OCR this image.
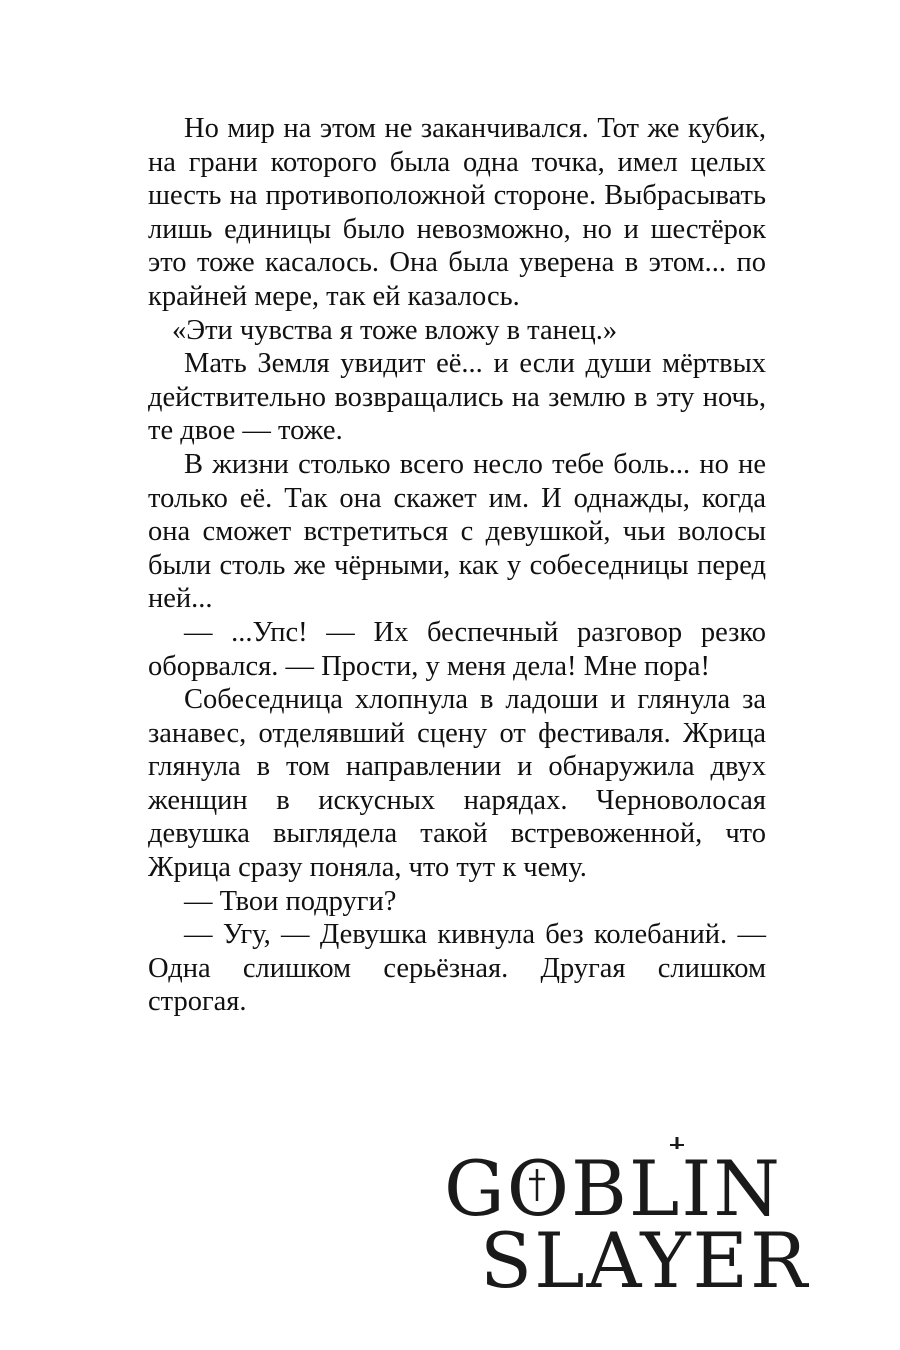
Но мир на этом не заканчивался. Тот же кубик, на грани которого была одна точка, имел целых шесть на противоположной стороне. Выбрасывать лишь единицы было невозможно, но и шестёрок это тоже касалось. Она была уверена в этом... по крайней мере, так ей казалось.

«Эти чувства я тоже вложу в танец.»

Мать Земля увидит её... и если души мёртвых действительно возвращались на землю в эту ночь, те двое — тоже.

В жизни столько всего несло тебе боль... но не только её. Так она скажет им. И однажды, когда она сможет встретиться с девушкой, чьи волосы были столь же чёрными, как у собеседницы перед ней...

— ...Упс! — Их беспечный разговор резко оборвался. — Прости, у меня дела! Мне пора!

Собеседница хлопнула в ладоши и глянула за занавес, отделявший сцену от фестиваля. Жрица глянула в том направлении и обнаружила двух женщин в искусных нарядах. Черноволосая девушка выглядела такой встревоженной, что Жрица сразу поняла, что тут к чему.

— Твои подруги?

— Угу, — Девушка кивнула без колебаний. — Одна слишком серьёзная. Другая слишком строгая.

GOBLIN
SLAYER
